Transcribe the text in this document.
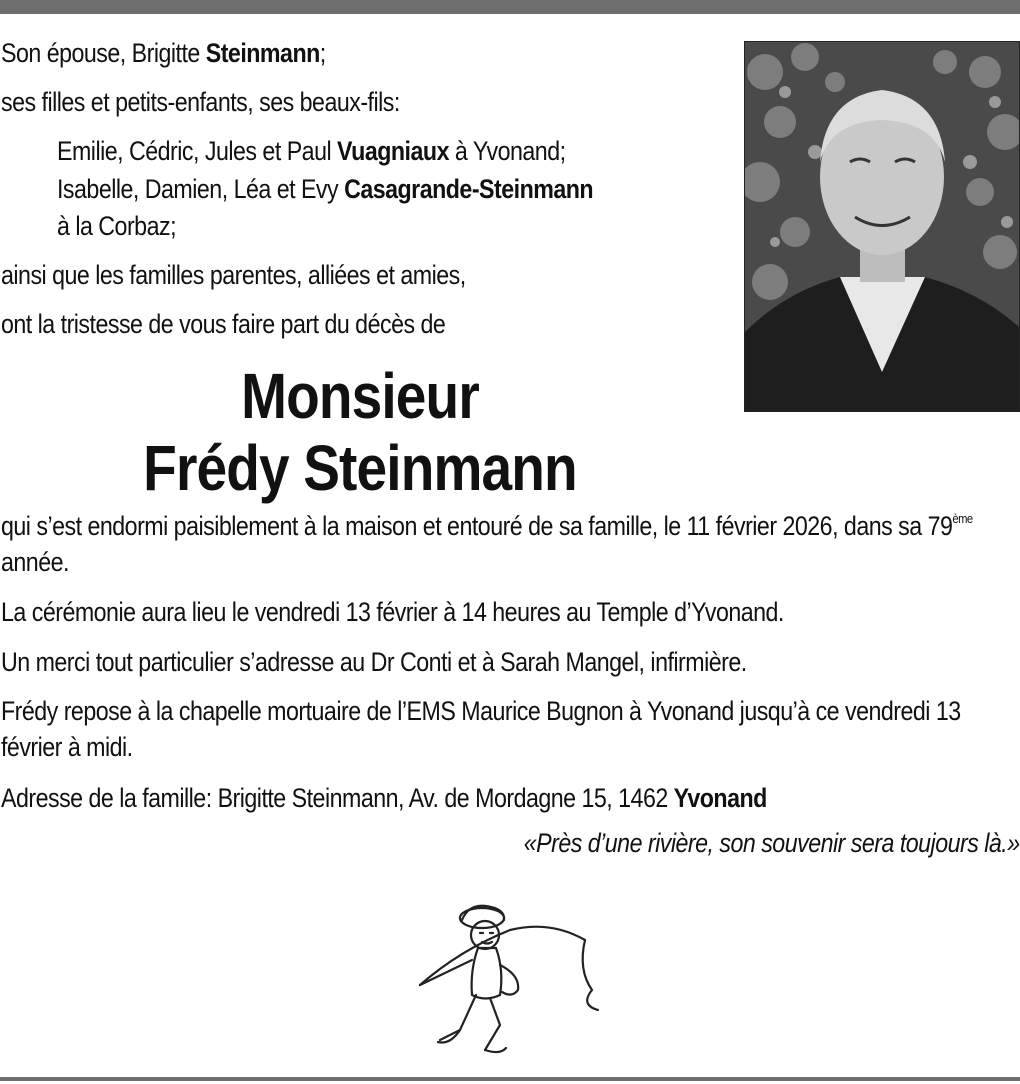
Son épouse, Brigitte Steinmann;
ses filles et petits-enfants, ses beaux-fils:
Emilie, Cédric, Jules et Paul Vuagniaux à Yvonand;
Isabelle, Damien, Léa et Evy Casagrande-Steinmann
à la Corbaz;
ainsi que les familles parentes, alliées et amies,
ont la tristesse de vous faire part du décès de
Monsieur
Frédy Steinmann
qui s’est endormi paisiblement à la maison et entouré de sa famille, le 11 février 2026, dans sa 79ème année.
La cérémonie aura lieu le vendredi 13 février à 14 heures au Temple d’Yvonand.
Un merci tout particulier s’adresse au Dr Conti et à Sarah Mangel, infirmière.
Frédy repose à la chapelle mortuaire de l’EMS Maurice Bugnon à Yvonand jusqu’à ce vendredi 13 février à midi.
Adresse de la famille: Brigitte Steinmann, Av. de Mordagne 15, 1462 Yvonand
«Près d’une rivière, son souvenir sera toujours là.»
